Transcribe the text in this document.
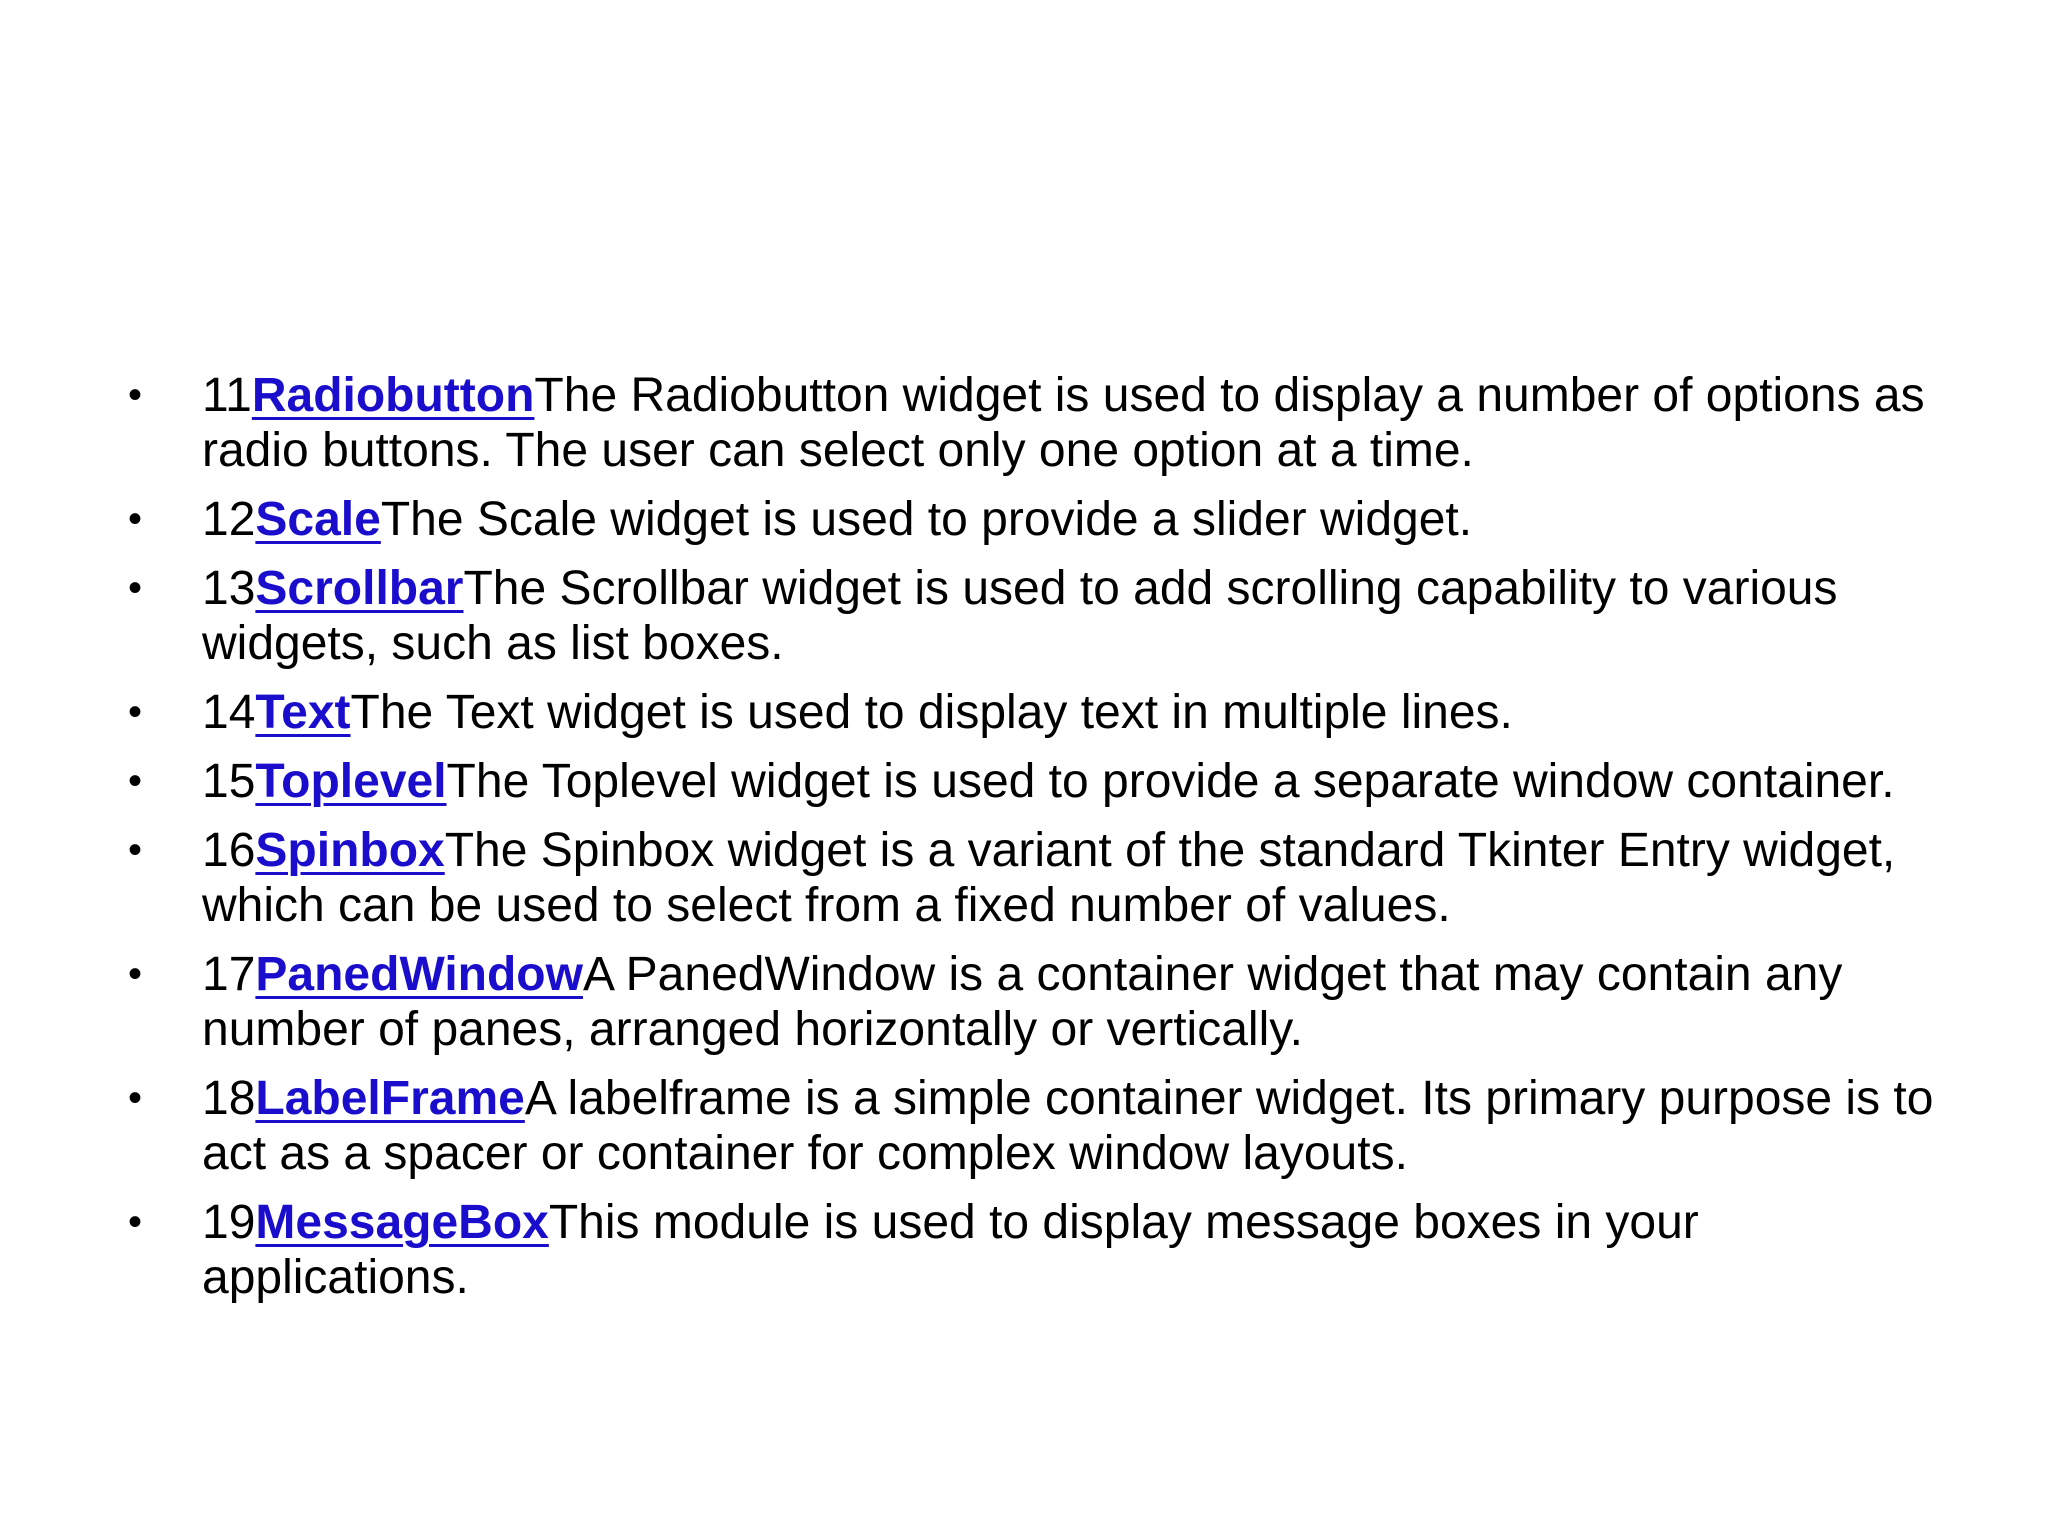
• 11RadiobuttonThe Radiobutton widget is used to display a number of options as radio buttons. The user can select only one option at a time.
• 12ScaleThe Scale widget is used to provide a slider widget.
• 13ScrollbarThe Scrollbar widget is used to add scrolling capability to various widgets, such as list boxes.
• 14TextThe Text widget is used to display text in multiple lines.
• 15ToplevelThe Toplevel widget is used to provide a separate window container.
• 16SpinboxThe Spinbox widget is a variant of the standard Tkinter Entry widget, which can be used to select from a fixed number of values.
• 17PanedWindowA PanedWindow is a container widget that may contain any number of panes, arranged horizontally or vertically.
• 18LabelFrameA labelframe is a simple container widget. Its primary purpose is to act as a spacer or container for complex window layouts.
• 19MessageBoxThis module is used to display message boxes in your applications.
